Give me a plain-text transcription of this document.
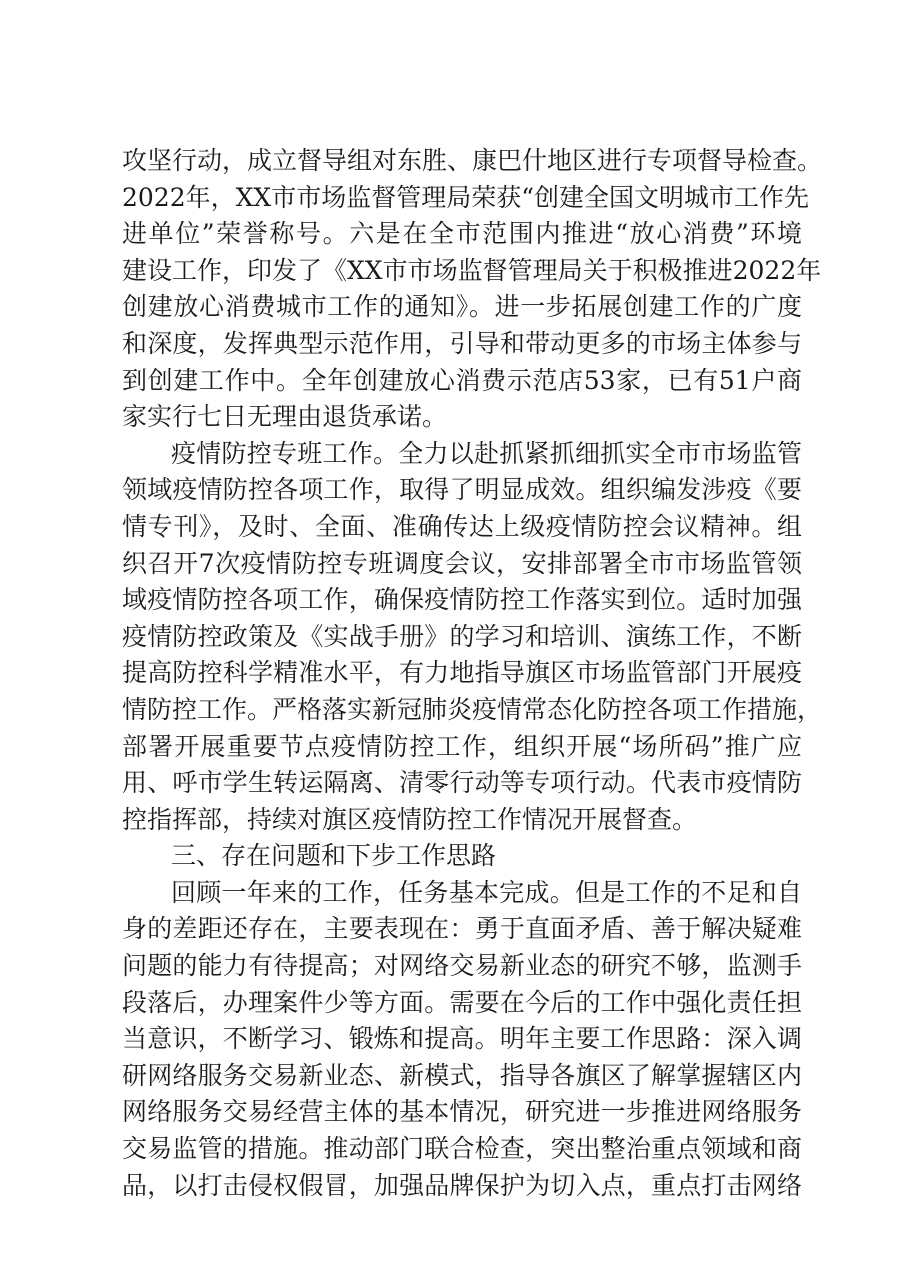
攻坚行动，成立督导组对东胜、康巴什地区进行专项督导检查。
2022年，XX市市场监督管理局荣获“创建全国文明城市工作先
进单位”荣誉称号。六是在全市范围内推进“放心消费”环境
建设工作，印发了《XX市市场监督管理局关于积极推进2022年
创建放心消费城市工作的通知》。进一步拓展创建工作的广度
和深度，发挥典型示范作用，引导和带动更多的市场主体参与
到创建工作中。全年创建放心消费示范店53家，已有51户商
家实行七日无理由退货承诺。
疫情防控专班工作。全力以赴抓紧抓细抓实全市市场监管
领域疫情防控各项工作，取得了明显成效。组织编发涉疫《要
情专刊》，及时、全面、准确传达上级疫情防控会议精神。组
织召开7次疫情防控专班调度会议，安排部署全市市场监管领
域疫情防控各项工作，确保疫情防控工作落实到位。适时加强
疫情防控政策及《实战手册》的学习和培训、演练工作，不断
提高防控科学精准水平，有力地指导旗区市场监管部门开展疫
情防控工作。严格落实新冠肺炎疫情常态化防控各项工作措施，
部署开展重要节点疫情防控工作，组织开展“场所码”推广应
用、呼市学生转运隔离、清零行动等专项行动。代表市疫情防
控指挥部，持续对旗区疫情防控工作情况开展督查。
三、存在问题和下步工作思路
回顾一年来的工作，任务基本完成。但是工作的不足和自
身的差距还存在，主要表现在：勇于直面矛盾、善于解决疑难
问题的能力有待提高；对网络交易新业态的研究不够，监测手
段落后，办理案件少等方面。需要在今后的工作中强化责任担
当意识，不断学习、锻炼和提高。明年主要工作思路：深入调
研网络服务交易新业态、新模式，指导各旗区了解掌握辖区内
网络服务交易经营主体的基本情况，研究进一步推进网络服务
交易监管的措施。推动部门联合检查，突出整治重点领域和商
品，以打击侵权假冒，加强品牌保护为切入点，重点打击网络
